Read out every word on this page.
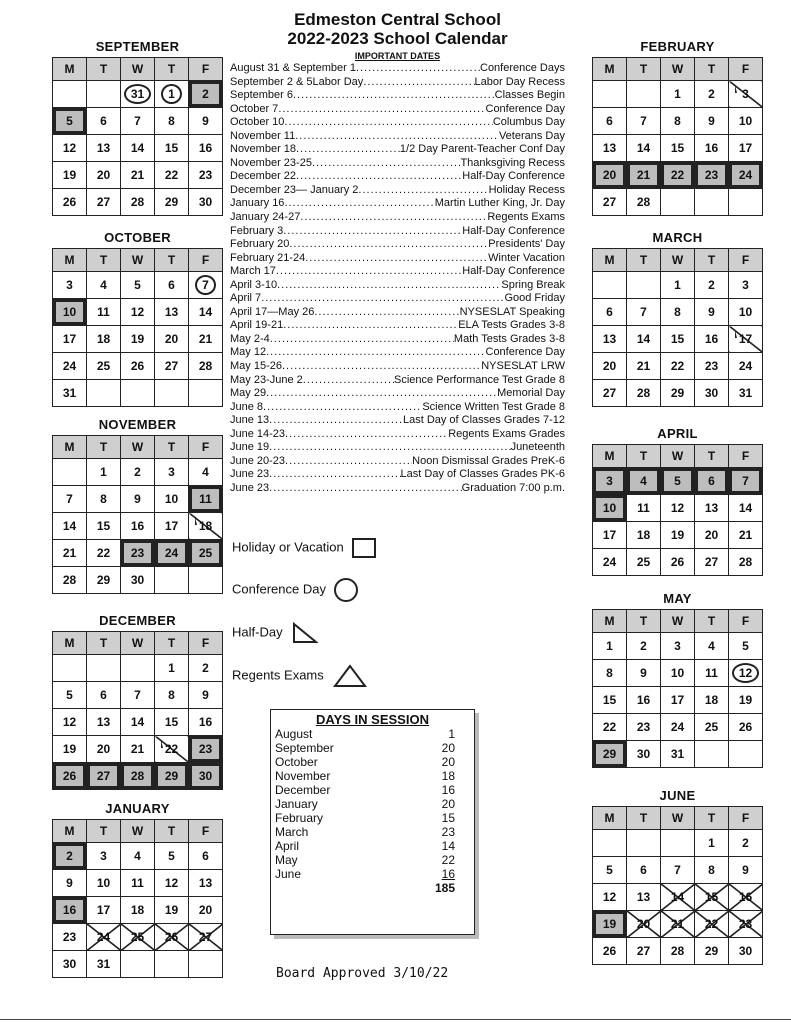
SEPTEMBER
M	T	W	T	F
		31	1	2
5	6	7	8	9
12	13	14	15	16
19	20	21	22	23
26	27	28	29	30
OCTOBER
M	T	W	T	F
3	4	5	6	7
10	11	12	13	14
17	18	19	20	21
24	25	26	27	28
31				
NOVEMBER
M	T	W	T	F
	1	2	3	4
7	8	9	10	11
14	15	16	17	18
21	22	23	24	25
28	29	30		
DECEMBER
M	T	W	T	F
			1	2
5	6	7	8	9
12	13	14	15	16
19	20	21	22	23
26	27	28	29	30
JANUARY
M	T	W	T	F
2	3	4	5	6
9	10	11	12	13
16	17	18	19	20
23	24	25	26	27
30	31			
FEBRUARY
M	T	W	T	F
		1	2	3
6	7	8	9	10
13	14	15	16	17
20	21	22	23	24
27	28			
MARCH
M	T	W	T	F
		1	2	3
6	7	8	9	10
13	14	15	16	17
20	21	22	23	24
27	28	29	30	31
APRIL
M	T	W	T	F
3	4	5	6	7
10	11	12	13	14
17	18	19	20	21
24	25	26	27	28
MAY
M	T	W	T	F
1	2	3	4	5
8	9	10	11	12
15	16	17	18	19
22	23	24	25	26
29	30	31		
JUNE
M	T	W	T	F
			1	2
5	6	7	8	9
12	13	14	15	16
19	20	21	22	23
26	27	28	29	30
Edmeston Central School
2022-2023 School Calendar
IMPORTANT DATES
August 31 & September 1 .....	Conference Days
September 2 & 5Labor Day .....	Labor Day Recess
September 6 .....	Classes Begin
October 7 .....	Conference Day
October 10 .....	Columbus Day
November 11 .....	Veterans Day
November 18 .....	1/2 Day Parent-Teacher Conf Day
November 23-25 .....	Thanksgiving Recess
December 22 .....	Half-Day Conference
December 23— January 2 .....	Holiday Recess
January 16 .....	Martin Luther King, Jr. Day
January 24-27 .....	Regents Exams
February 3 .....	Half-Day Conference
February 20 .....	Presidents' Day
February 21-24 .....	Winter Vacation
March 17 .....	Half-Day Conference
April 3-10 .....	Spring Break
April 7 .....	Good Friday
April 17—May 26 .....	NYSESLAT Speaking
April 19-21 .....	ELA Tests Grades 3-8
May 2-4 .....	Math Tests Grades 3-8
May 12 .....	Conference Day
May 15-26 .....	NYSESLAT LRW
May 23-June 2 .....	Science Performance Test Grade 8
May 29 .....	Memorial Day
June 8 .....	Science Written Test Grade 8
June 13 .....	Last Day of Classes Grades 7-12
June 14-23 .....	Regents Exams Grades
June 19 .....	Juneteenth
June 20-23 .....	Noon Dismissal Grades PreK-6
June 23 .....	Last Day of Classes Grades PK-6
June 23 .....	Graduation 7:00 p.m.
Holiday or Vacation
Conference Day
Half-Day
Regents Exams
DAYS IN SESSION
August	1
September	20
October	20
November	18
December	16
January	20
February	15
March	23
April	14
May	22
June	16
185
Board Approved 3/10/22
